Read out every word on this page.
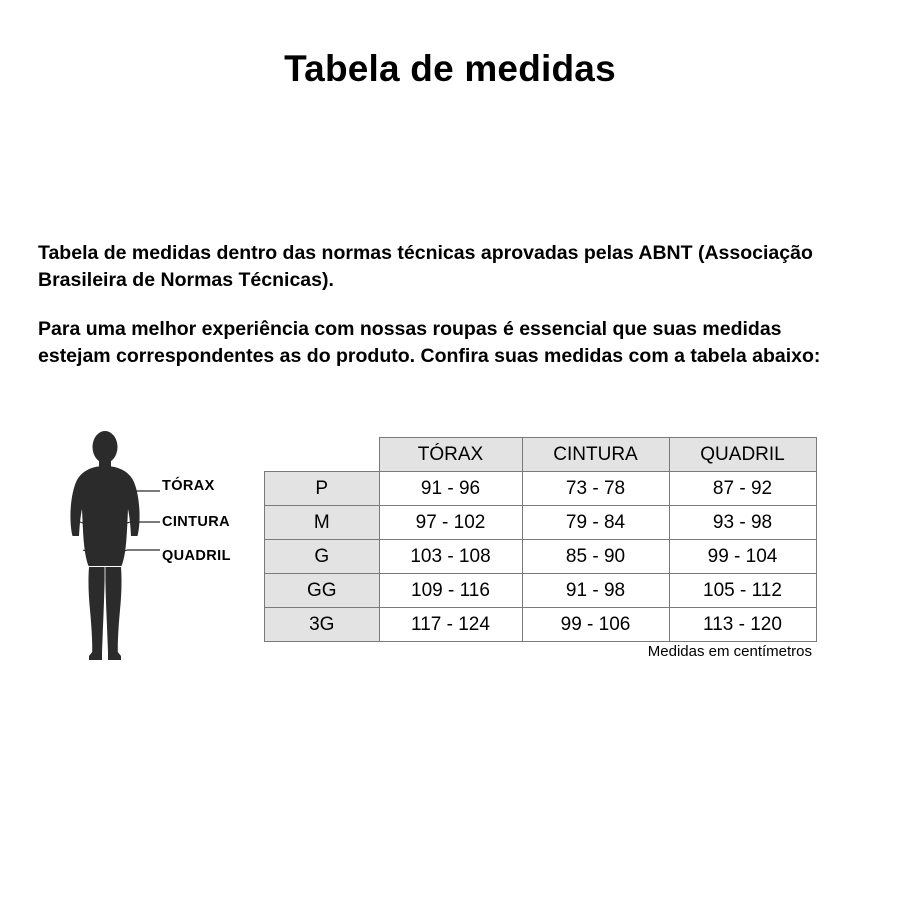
Tabela de medidas

Tabela de medidas dentro das normas técnicas aprovadas pelas ABNT (Associação Brasileira de Normas Técnicas).

Para uma melhor experiência com nossas roupas é essencial que suas medidas estejam correspondentes as do produto. Confira suas medidas com a tabela abaixo:

TÓRAX
CINTURA
QUADRIL
	TÓRAX	CINTURA	QUADRIL
P	91 - 96	73 - 78	87 - 92
M	97 - 102	79 - 84	93 - 98
G	103 - 108	85 - 90	99 - 104
GG	109 - 116	91 - 98	105 - 112
3G	117 - 124	99 - 106	113 - 120
Medidas em centímetros
